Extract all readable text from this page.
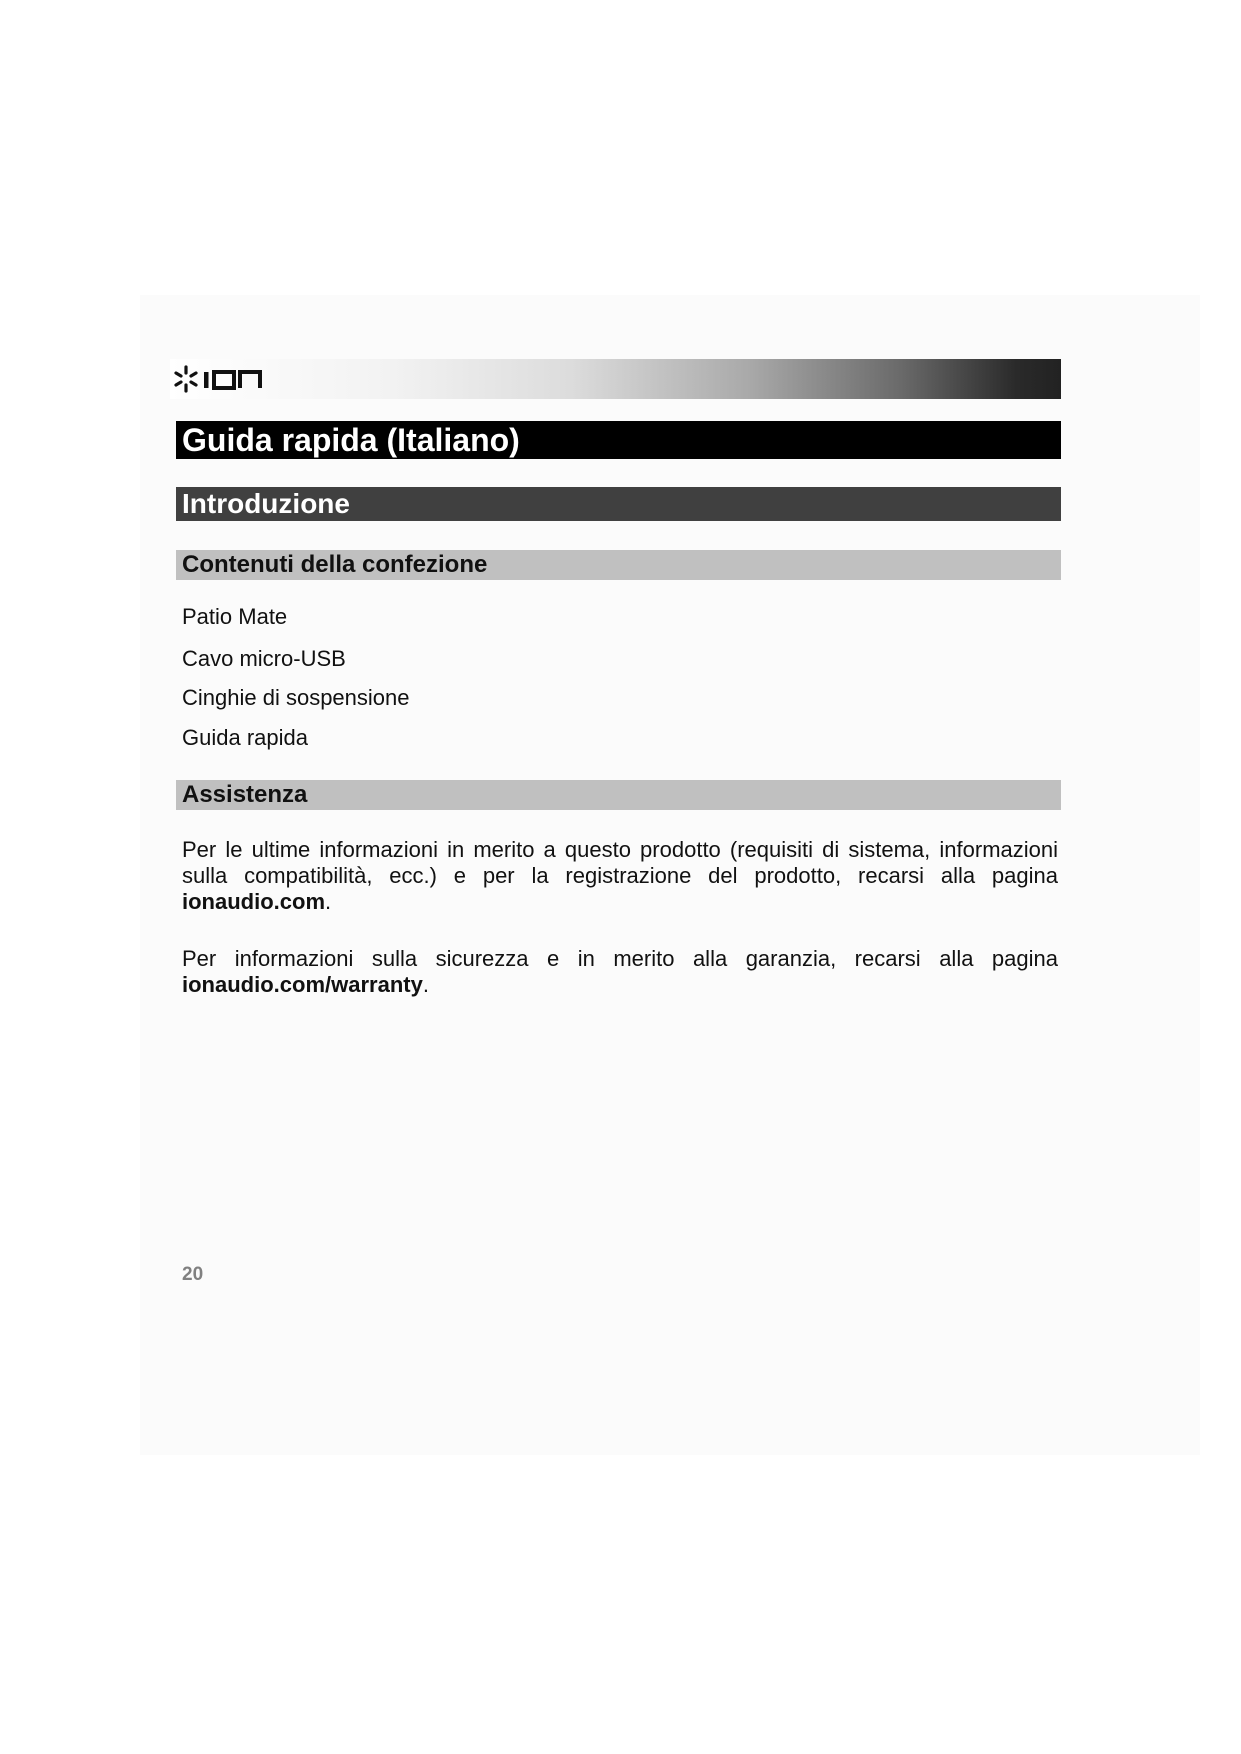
Guida rapida (Italiano)
Introduzione
Contenuti della confezione
Patio Mate
Cavo micro-USB
Cinghie di sospensione
Guida rapida
Assistenza

Per le ultime informazioni in merito a questo prodotto (requisiti di sistema, informazioni sulla compatibilità, ecc.) e per la registrazione del prodotto, recarsi alla pagina ionaudio.com.

Per informazioni sulla sicurezza e in merito alla garanzia, recarsi alla pagina ionaudio.com/warranty.

20
